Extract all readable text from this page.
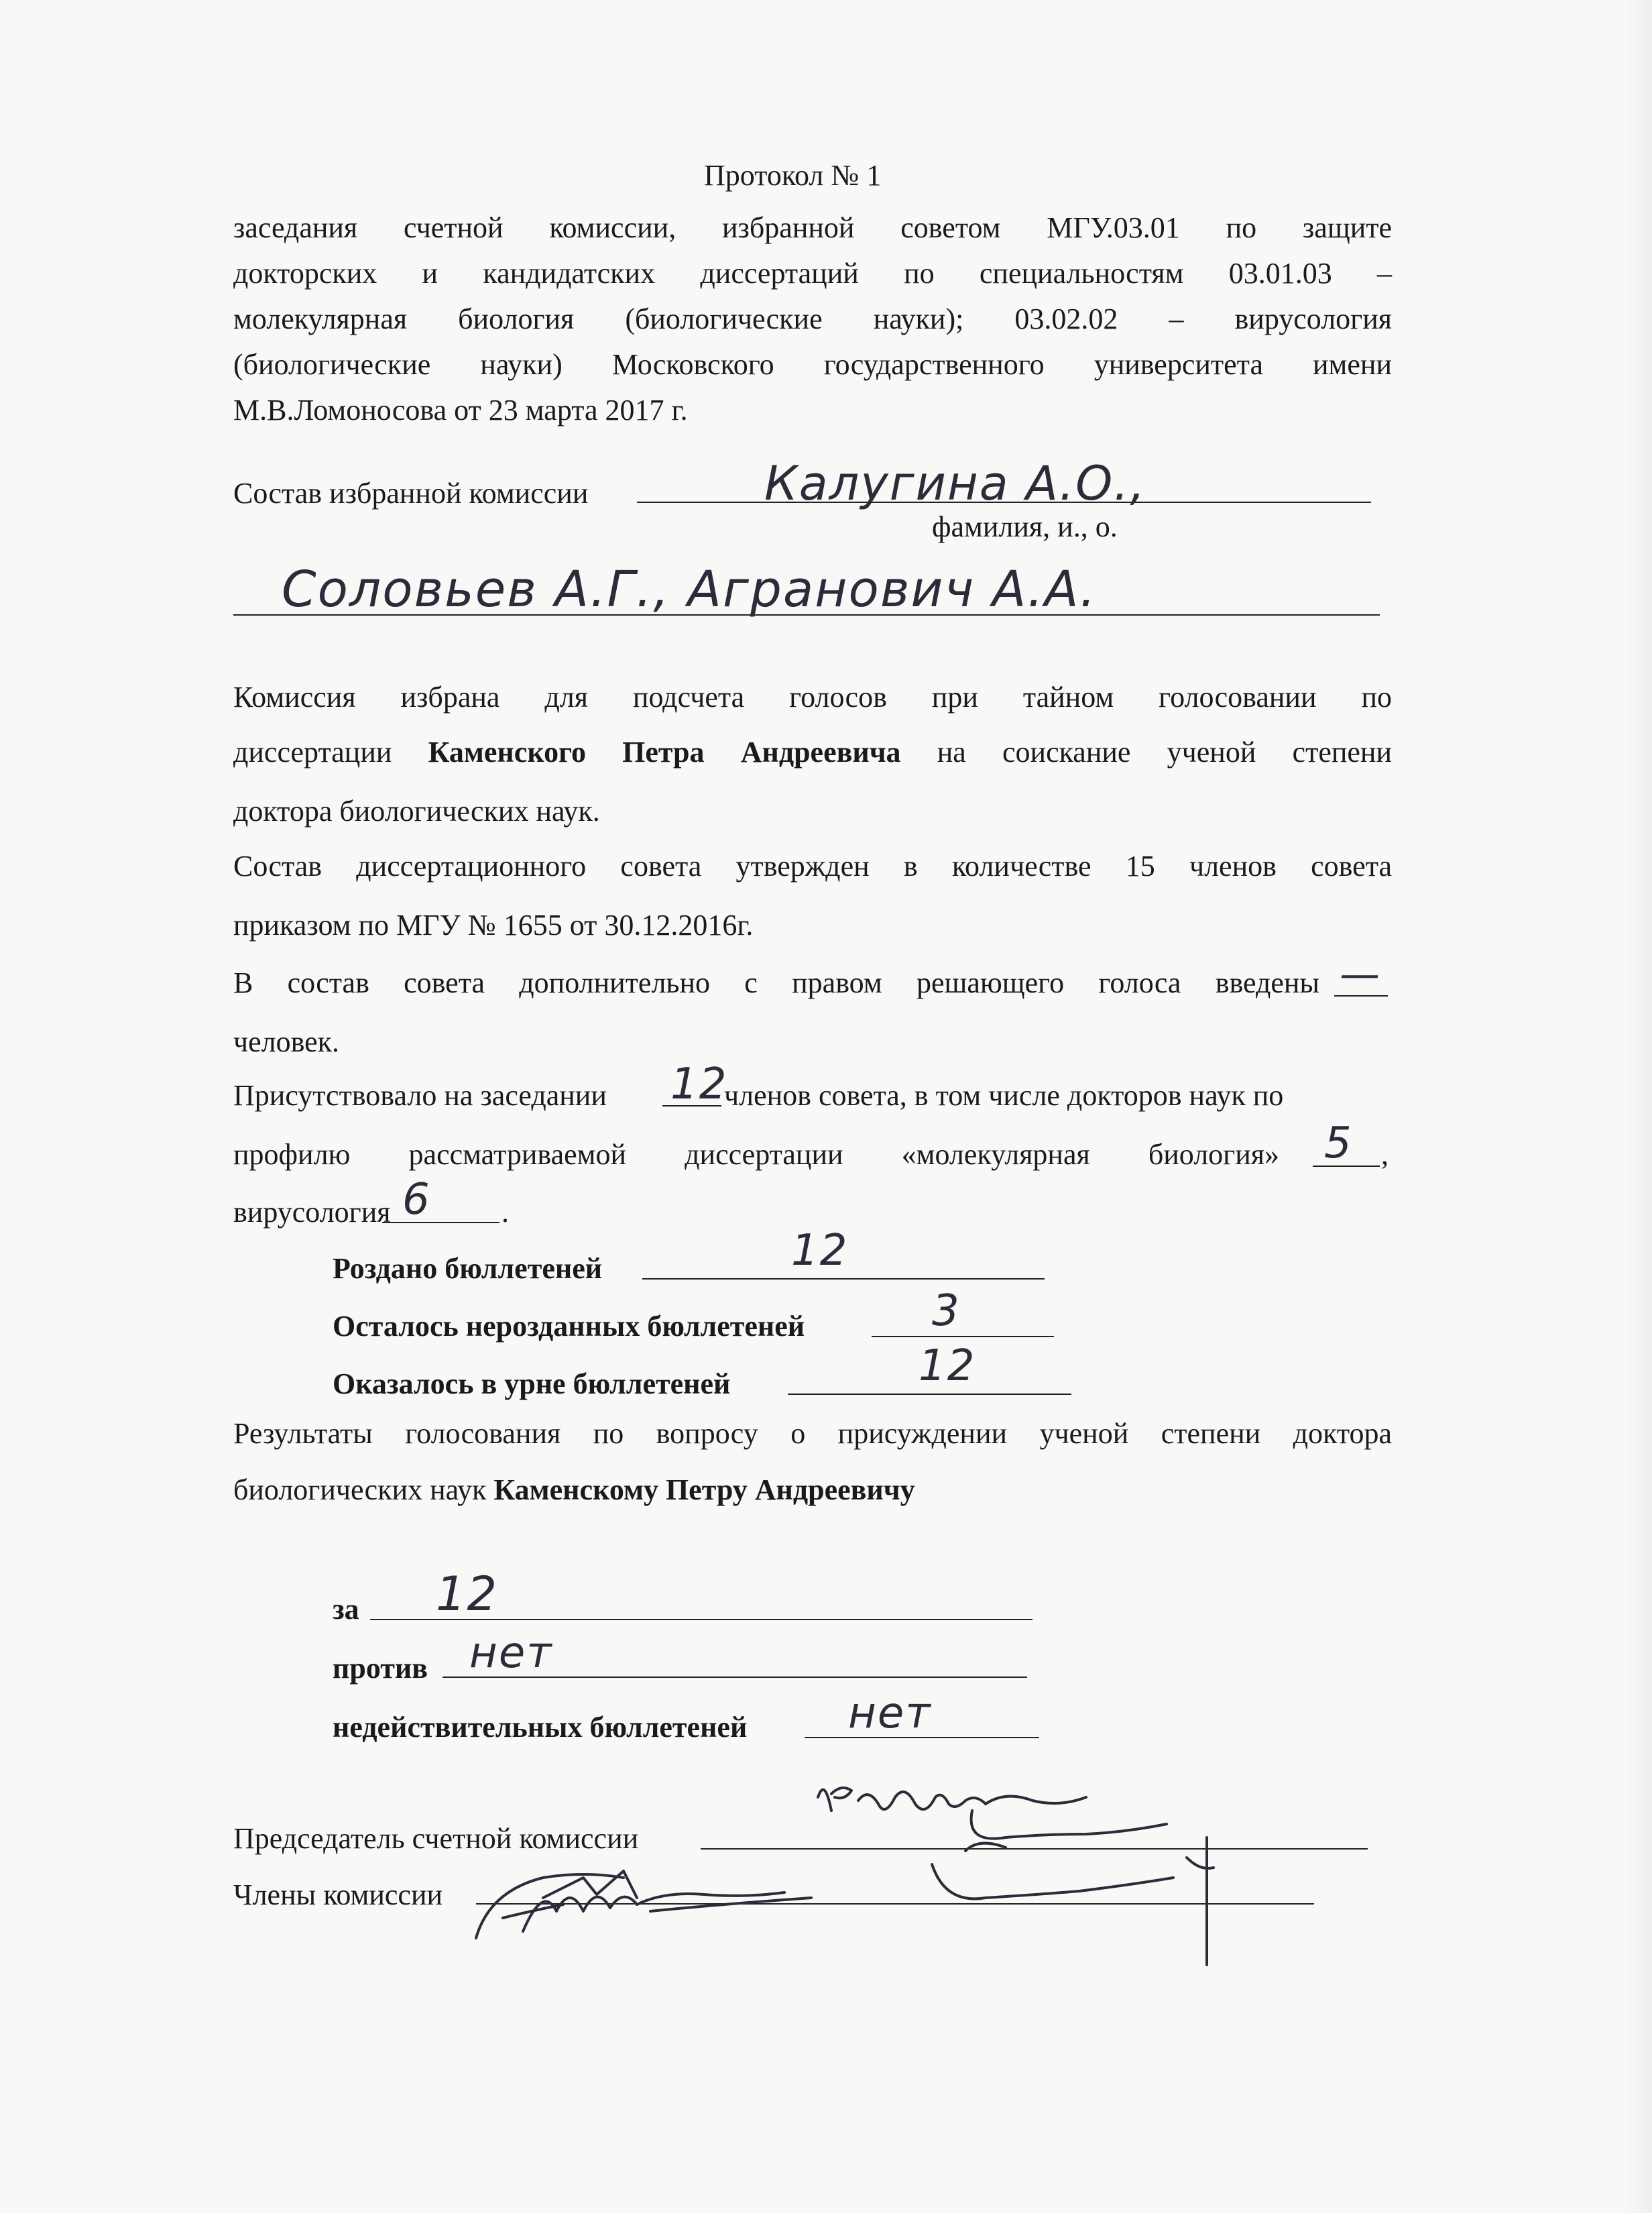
Протокол № 1
заседания счетной комиссии, избранной советом МГУ.03.01 по защите
докторских и кандидатских диссертаций по специальностям 03.01.03 –
молекулярная биология (биологические науки); 03.02.02 – вирусология
(биологические науки) Московского государственного университета имени
М.В.Ломоносова от 23 марта 2017 г.
Состав избранной комиссии	Калугина А.О.,
фамилия, и., о.
Соловьев А.Г., Агранович А.А.
Комиссия избрана для подсчета голосов при тайном голосовании по
диссертации Каменского Петра Андреевича на соискание ученой степени
доктора биологических наук.
Состав диссертационного совета утвержден в количестве 15 членов совета
приказом по МГУ № 1655 от 30.12.2016г.
В состав совета дополнительно с правом решающего голоса введены —
человек.
Присутствовало на заседании 12
членов совета, в том числе докторов наук по
профилю рассматриваемой диссертации «молекулярная биология» 5 ,
вирусология 6 .
Роздано бюллетеней	12
Осталось нерозданных бюллетеней	3
Оказалось в урне бюллетеней	12
Результаты голосования по вопросу о присуждении ученой степени доктора
биологических наук Каменскому Петру Андреевичу
за 12
против нет
недействительных бюллетеней нет
Председатель счетной комиссии
Члены комиссии
